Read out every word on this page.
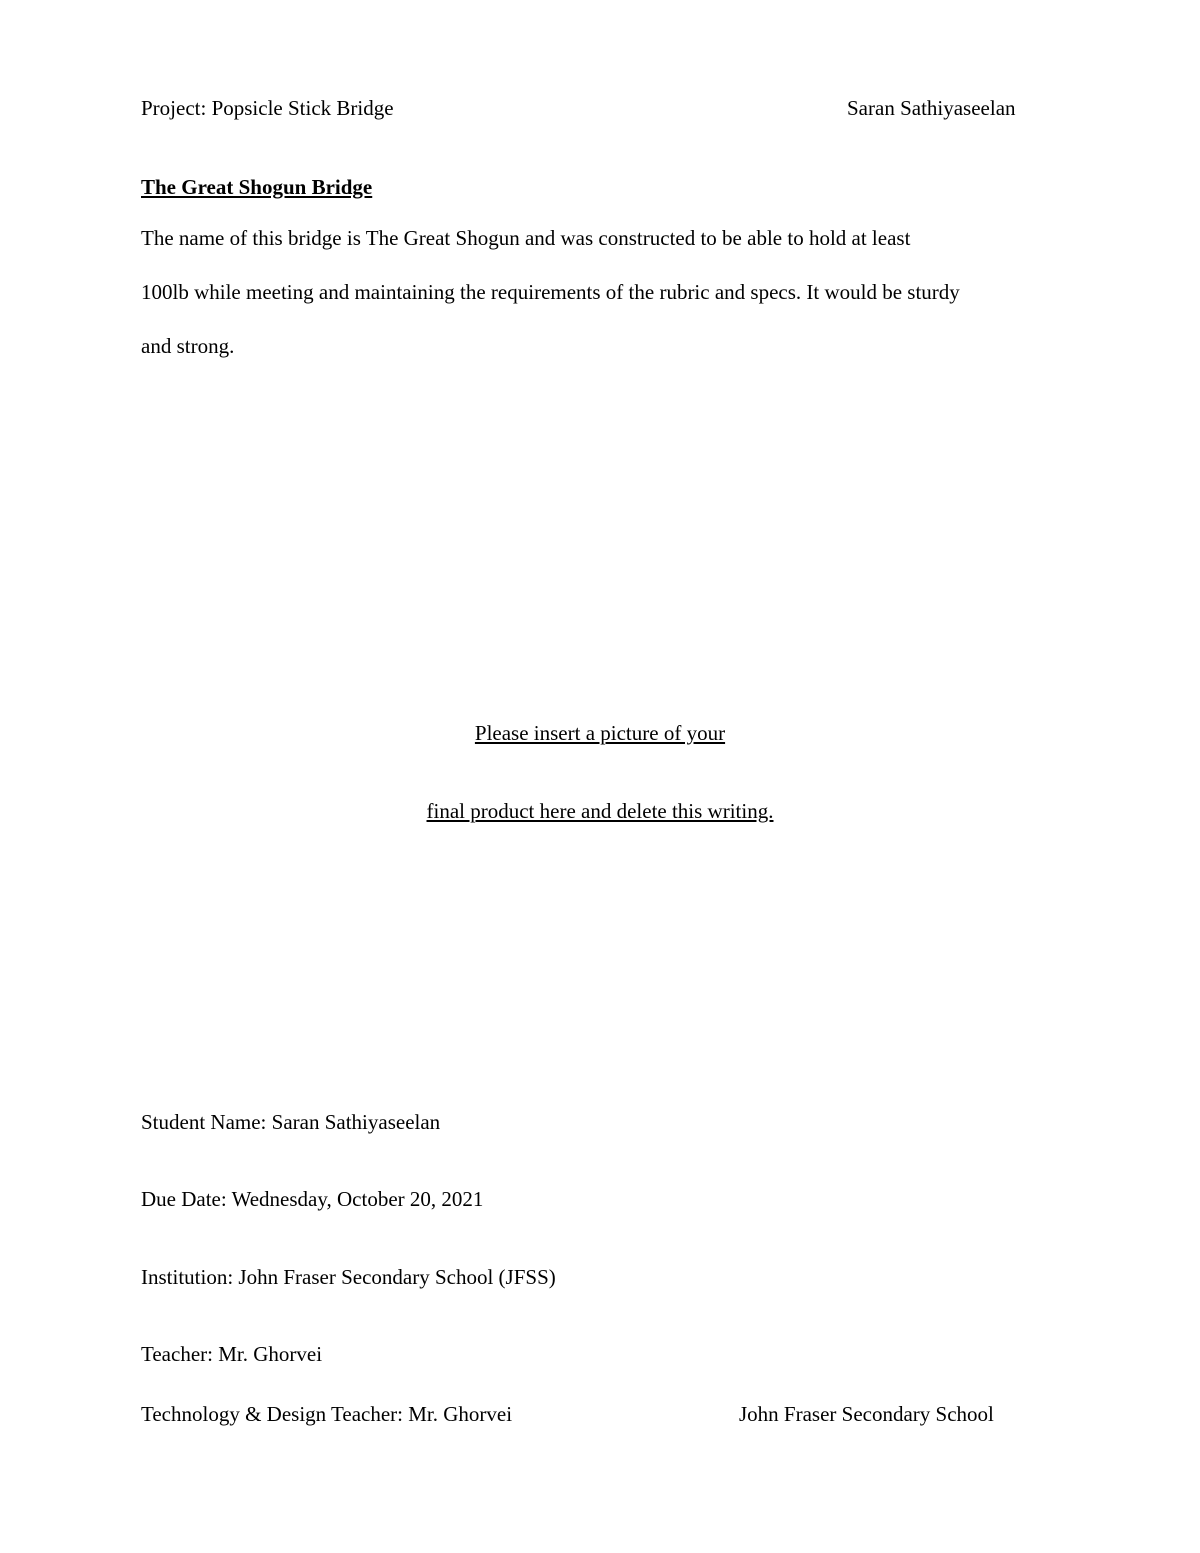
Project: Popsicle Stick Bridge	Saran Sathiyaseelan
The Great Shogun Bridge
The name of this bridge is The Great Shogun and was constructed to be able to hold at least
100lb while meeting and maintaining the requirements of the rubric and specs. It would be sturdy
and strong.
Please insert a picture of your
final product here and delete this writing.
Student Name: Saran Sathiyaseelan
Due Date: Wednesday, October 20, 2021
Institution: John Fraser Secondary School (JFSS)
Teacher: Mr. Ghorvei
Technology & Design Teacher: Mr. Ghorvei	John Fraser Secondary School
